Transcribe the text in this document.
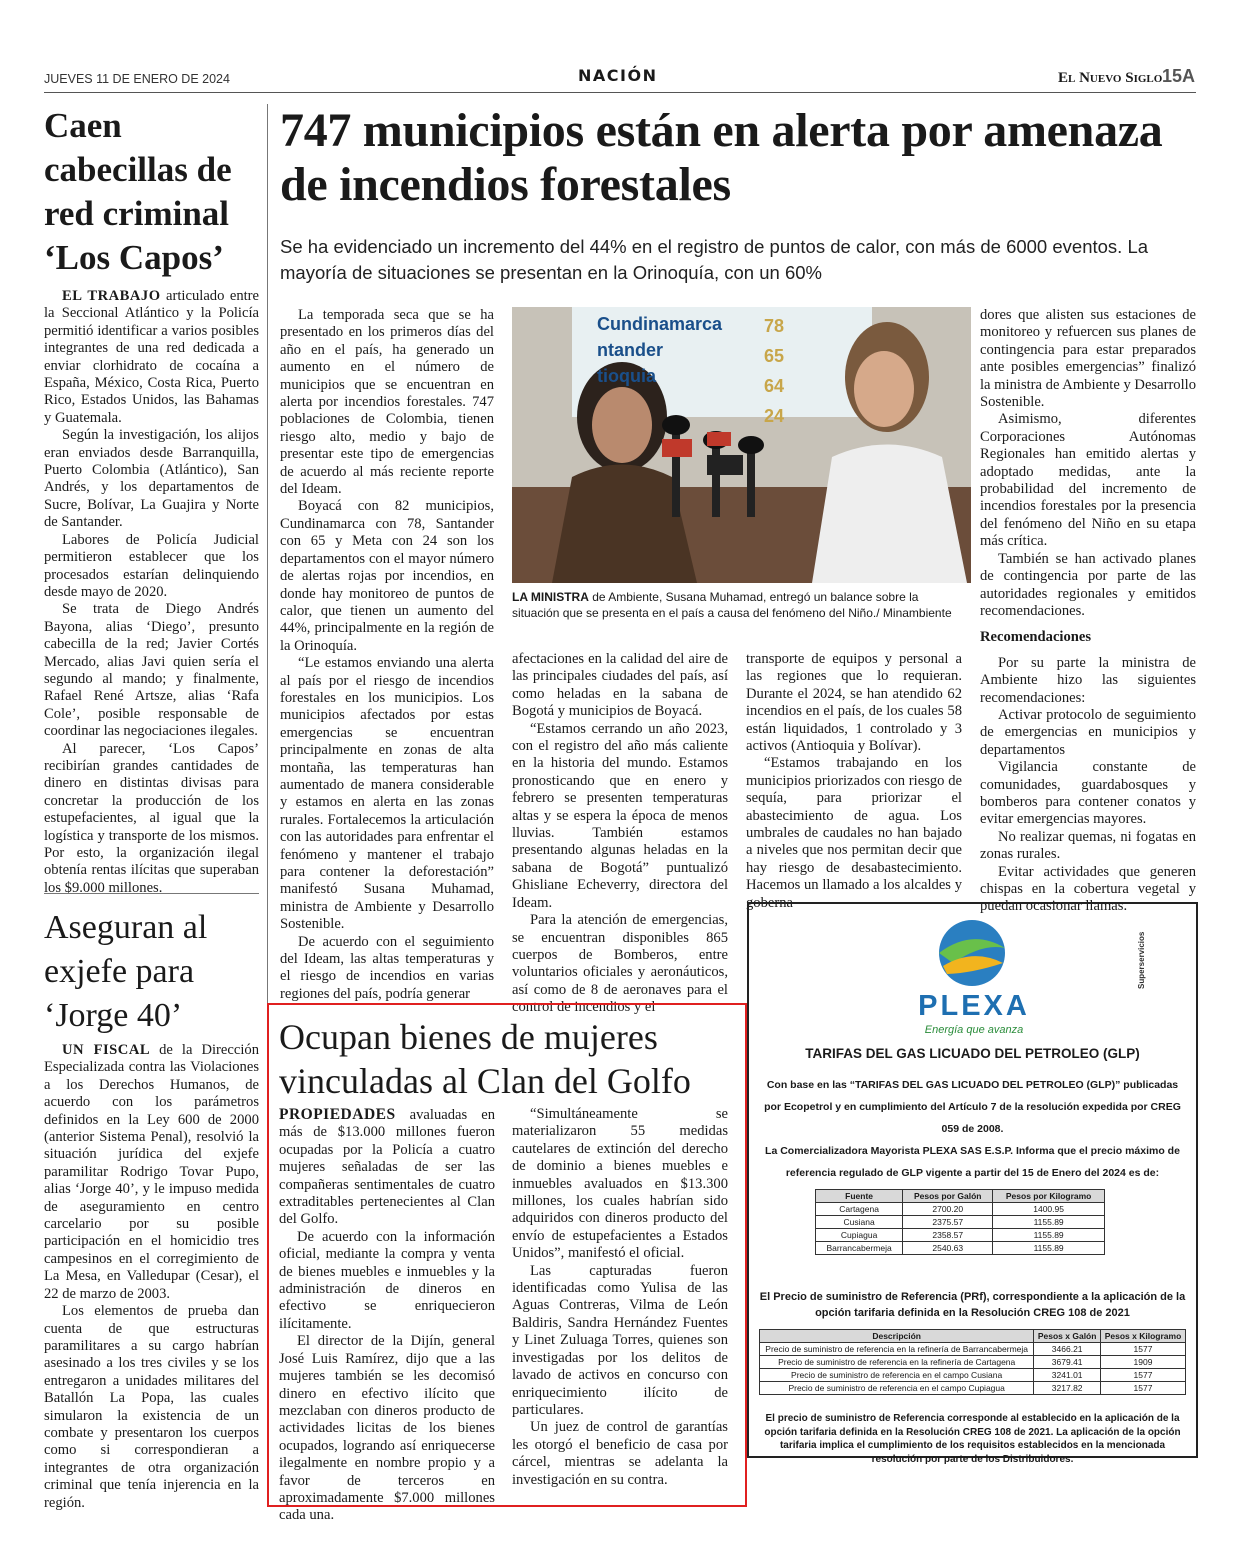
JUEVES 11 DE ENERO DE 2024	NACIÓN	El Nuevo Siglo 15A
Caen cabecillas de red criminal ‘Los Capos’

EL TRABAJO articulado entre la Seccional Atlántico y la Policía permitió identificar a varios posibles integrantes de una red dedicada a enviar clorhidrato de cocaína a España, México, Costa Rica, Puerto Rico, Estados Unidos, las Bahamas y Guatemala.

Según la investigación, los alijos eran enviados desde Barranquilla, Puerto Colombia (Atlántico), San Andrés, y los departamentos de Sucre, Bolívar, La Guajira y Norte de Santander.

Labores de Policía Judicial permitieron establecer que los procesados estarían delinquiendo desde mayo de 2020.

Se trata de Diego Andrés Bayona, alias ‘Diego’, presunto cabecilla de la red; Javier Cortés Mercado, alias Javi quien sería el segundo al mando; y finalmente, Rafael René Artsze, alias ‘Rafa Cole’, posible responsable de coordinar las negociaciones ilegales.

Al parecer, ‘Los Capos’ recibirían grandes cantidades de dinero en distintas divisas para concretar la producción de los estupefacientes, al igual que la logística y transporte de los mismos. Por esto, la organización ilegal obtenía rentas ilícitas que superaban los $9.000 millones.

Aseguran al exjefe para ‘Jorge 40’

UN FISCAL de la Dirección Especializada contra las Violaciones a los Derechos Humanos, de acuerdo con los parámetros definidos en la Ley 600 de 2000 (anterior Sistema Penal), resolvió la situación jurídica del exjefe paramilitar Rodrigo Tovar Pupo, alias ‘Jorge 40’, y le impuso medida de aseguramiento en centro carcelario por su posible participación en el homicidio tres campesinos en el corregimiento de La Mesa, en Valledupar (Cesar), el 22 de marzo de 2003.

Los elementos de prueba dan cuenta de que estructuras paramilitares a su cargo habrían asesinado a los tres civiles y se los entregaron a unidades militares del Batallón La Popa, las cuales simularon la existencia de un combate y presentaron los cuerpos como si correspondieran a integrantes de otra organización criminal que tenía injerencia en la región.

747 municipios están en alerta por amenaza de incendios forestales
Se ha evidenciado un incremento del 44% en el registro de puntos de calor, con más de 6000 eventos. La mayoría de situaciones se presentan en la Orinoquía, con un 60%

La temporada seca que se ha presentado en los primeros días del año en el país, ha generado un aumento en el número de municipios que se encuentran en alerta por incendios forestales. 747 poblaciones de Colombia, tienen riesgo alto, medio y bajo de presentar este tipo de emergencias de acuerdo al más reciente reporte del Ideam.

Boyacá con 82 municipios, Cundinamarca con 78, Santander con 65 y Meta con 24 son los departamentos con el mayor número de alertas rojas por incendios, en donde hay monitoreo de puntos de calor, que tienen un aumento del 44%, principalmente en la región de la Orinoquía.

“Le estamos enviando una alerta al país por el riesgo de incendios forestales en los municipios. Los municipios afectados por estas emergencias se encuentran principalmente en zonas de alta montaña, las temperaturas han aumentado de manera considerable y estamos en alerta en las zonas rurales. Fortalecemos la articulación con las autoridades para enfrentar el fenómeno y mantener el trabajo para contener la deforestación” manifestó Susana Muhamad, ministra de Ambiente y Desarrollo Sostenible.

De acuerdo con el seguimiento del Ideam, las altas temperaturas y el riesgo de incendios en varias regiones del país, podría generar

Cundinamarca
ntander
tioquia
78
65
64
24
LA MINISTRA de Ambiente, Susana Muhamad, entregó un balance sobre la situación que se presenta en el país a causa del fenómeno del Niño./ Minambiente

afectaciones en la calidad del aire de las principales ciudades del país, así como heladas en la sabana de Bogotá y municipios de Boyacá.

“Estamos cerrando un año 2023, con el registro del año más caliente en la historia del mundo. Estamos pronosticando que en enero y febrero se presenten temperaturas altas y se espera la época de menos lluvias. También estamos presentando algunas heladas en la sabana de Bogotá” puntualizó Ghisliane Echeverry, directora del Ideam.

Para la atención de emergencias, se encuentran disponibles 865 cuerpos de Bomberos, entre voluntarios oficiales y aeronáuticos, así como de 8 de aeronaves para el control de incendios y el

transporte de equipos y personal a las regiones que lo requieran. Durante el 2024, se han atendido 62 incendios en el país, de los cuales 58 están liquidados, 1 controlado y 3 activos (Antioquia y Bolívar).

“Estamos trabajando en los municipios priorizados con riesgo de sequía, para priorizar el abastecimiento de agua. Los umbrales de caudales no han bajado a niveles que nos permitan decir que hay riesgo de desabastecimiento. Hacemos un llamado a los alcaldes y goberna-

dores que alisten sus estaciones de monitoreo y refuercen sus planes de contingencia para estar preparados ante posibles emergencias” finalizó la ministra de Ambiente y Desarrollo Sostenible.

Asimismo, diferentes Corporaciones Autónomas Regionales han emitido alertas y adoptado medidas, ante la probabilidad del incremento de incendios forestales por la presencia del fenómeno del Niño en su etapa más crítica.

También se han activado planes de contingencia por parte de las autoridades regionales y emitidos recomendaciones.

Recomendaciones

Por su parte la ministra de Ambiente hizo las siguientes recomendaciones:

Activar protocolo de seguimiento de emergencias en municipios y departamentos

Vigilancia constante de comunidades, guardabosques y bomberos para contener conatos y evitar emergencias mayores.

No realizar quemas, ni fogatas en zonas rurales.

Evitar actividades que generen chispas en la cobertura vegetal y puedan ocasionar llamas.

Ocupan bienes de mujeres vinculadas al Clan del Golfo

PROPIEDADES avaluadas en más de $13.000 millones fueron ocupadas por la Policía a cuatro mujeres señaladas de ser las compañeras sentimentales de cuatro extraditables pertenecientes al Clan del Golfo.

De acuerdo con la información oficial, mediante la compra y venta de bienes muebles e inmuebles y la administración de dineros en efectivo se enriquecieron ilícitamente.

El director de la Dijín, general José Luis Ramírez, dijo que a las mujeres también se les decomisó dinero en efectivo ilícito que mezclaban con dineros producto de actividades licitas de los bienes ocupados, logrando así enriquecerse ilegalmente en nombre propio y a favor de terceros en aproximadamente $7.000 millones cada una.

“Simultáneamente se materializaron 55 medidas cautelares de extinción del derecho de dominio a bienes muebles e inmuebles avaluados en $13.300 millones, los cuales habrían sido adquiridos con dineros producto del envío de estupefacientes a Estados Unidos”, manifestó el oficial.

Las capturadas fueron identificadas como Yulisa de las Aguas Contreras, Vilma de León Baldiris, Sandra Hernández Fuentes y Linet Zuluaga Torres, quienes son investigadas por los delitos de lavado de activos en concurso con enriquecimiento ilícito de particulares.

Un juez de control de garantías les otorgó el beneficio de casa por cárcel, mientras se adelanta la investigación en su contra.

PLEXA
Energía que avanza
Superservicios
TARIFAS DEL GAS LICUADO DEL PETROLEO (GLP)
Con base en las “TARIFAS DEL GAS LICUADO DEL PETROLEO (GLP)” publicadas por Ecopetrol y en cumplimiento del Artículo 7 de la resolución expedida por CREG 059 de 2008.
La Comercializadora Mayorista PLEXA SAS E.S.P. Informa que el precio máximo de referencia regulado de GLP vigente a partir del 15 de Enero del 2024 es de:
Fuente	Pesos por Galón	Pesos por Kilogramo
Cartagena	2700.20	1400.95
Cusiana	2375.57	1155.89
Cupiagua	2358.57	1155.89
Barrancabermeja	2540.63	1155.89
El Precio de suministro de Referencia (PRf), correspondiente a la aplicación de la opción tarifaria definida en la Resolución CREG 108 de 2021
Descripción	Pesos x Galón	Pesos x Kilogramo
Precio de suministro de referencia en la refinería de Barrancabermeja	3466.21	1577
Precio de suministro de referencia en la refinería de Cartagena	3679.41	1909
Precio de suministro de referencia en el campo Cusiana	3241.01	1577
Precio de suministro de referencia en el campo Cupiagua	3217.82	1577
El precio de suministro de Referencia corresponde al establecido en la aplicación de la opción tarifaria definida en la Resolución CREG 108 de 2021. La aplicación de la opción tarifaria implica el cumplimiento de los requisitos establecidos en la mencionada resolución por parte de los Distribuidores.
